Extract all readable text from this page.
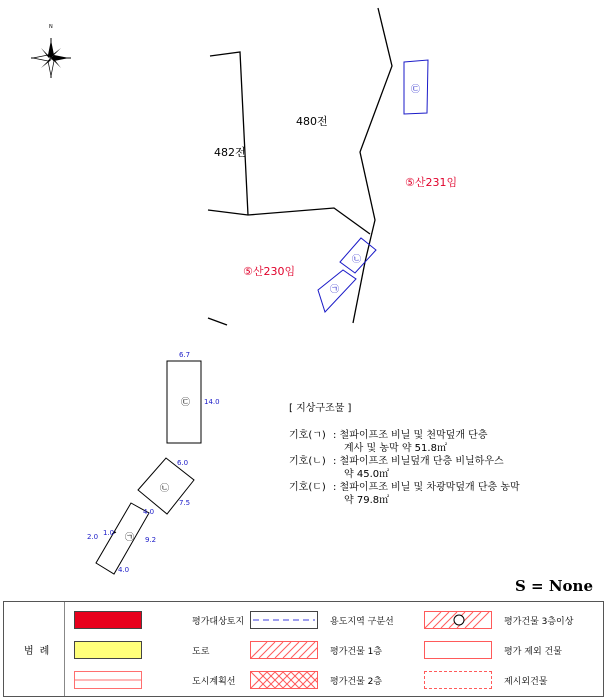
N
㉢
㉡
㉠
㉢
㉡
㉠
480전
482전
⑤산231임
⑤산230임
6.7
14.0
6.0
7.5
4.0
9.2
4.0
2.0 1.0
[ 지상구조물 ]
기호(ㄱ) : 철파이프조 비닐 및 천막덮개 단층
계사 및 농막 약 51.8㎡
기호(ㄴ) : 철파이프조 비닐덮개 단층 비닐하우스
약 45.0㎡
기호(ㄷ) : 철파이프조 비닐 및 차광막덮개 단층 농막
약 79.8㎡
S = None
범례
평가대상토지
도로
도시계획선
용도지역 구분선
평가건물 1층
평가건물 2층
평가건물 3층이상
평가 제외 건물
제시외건물
